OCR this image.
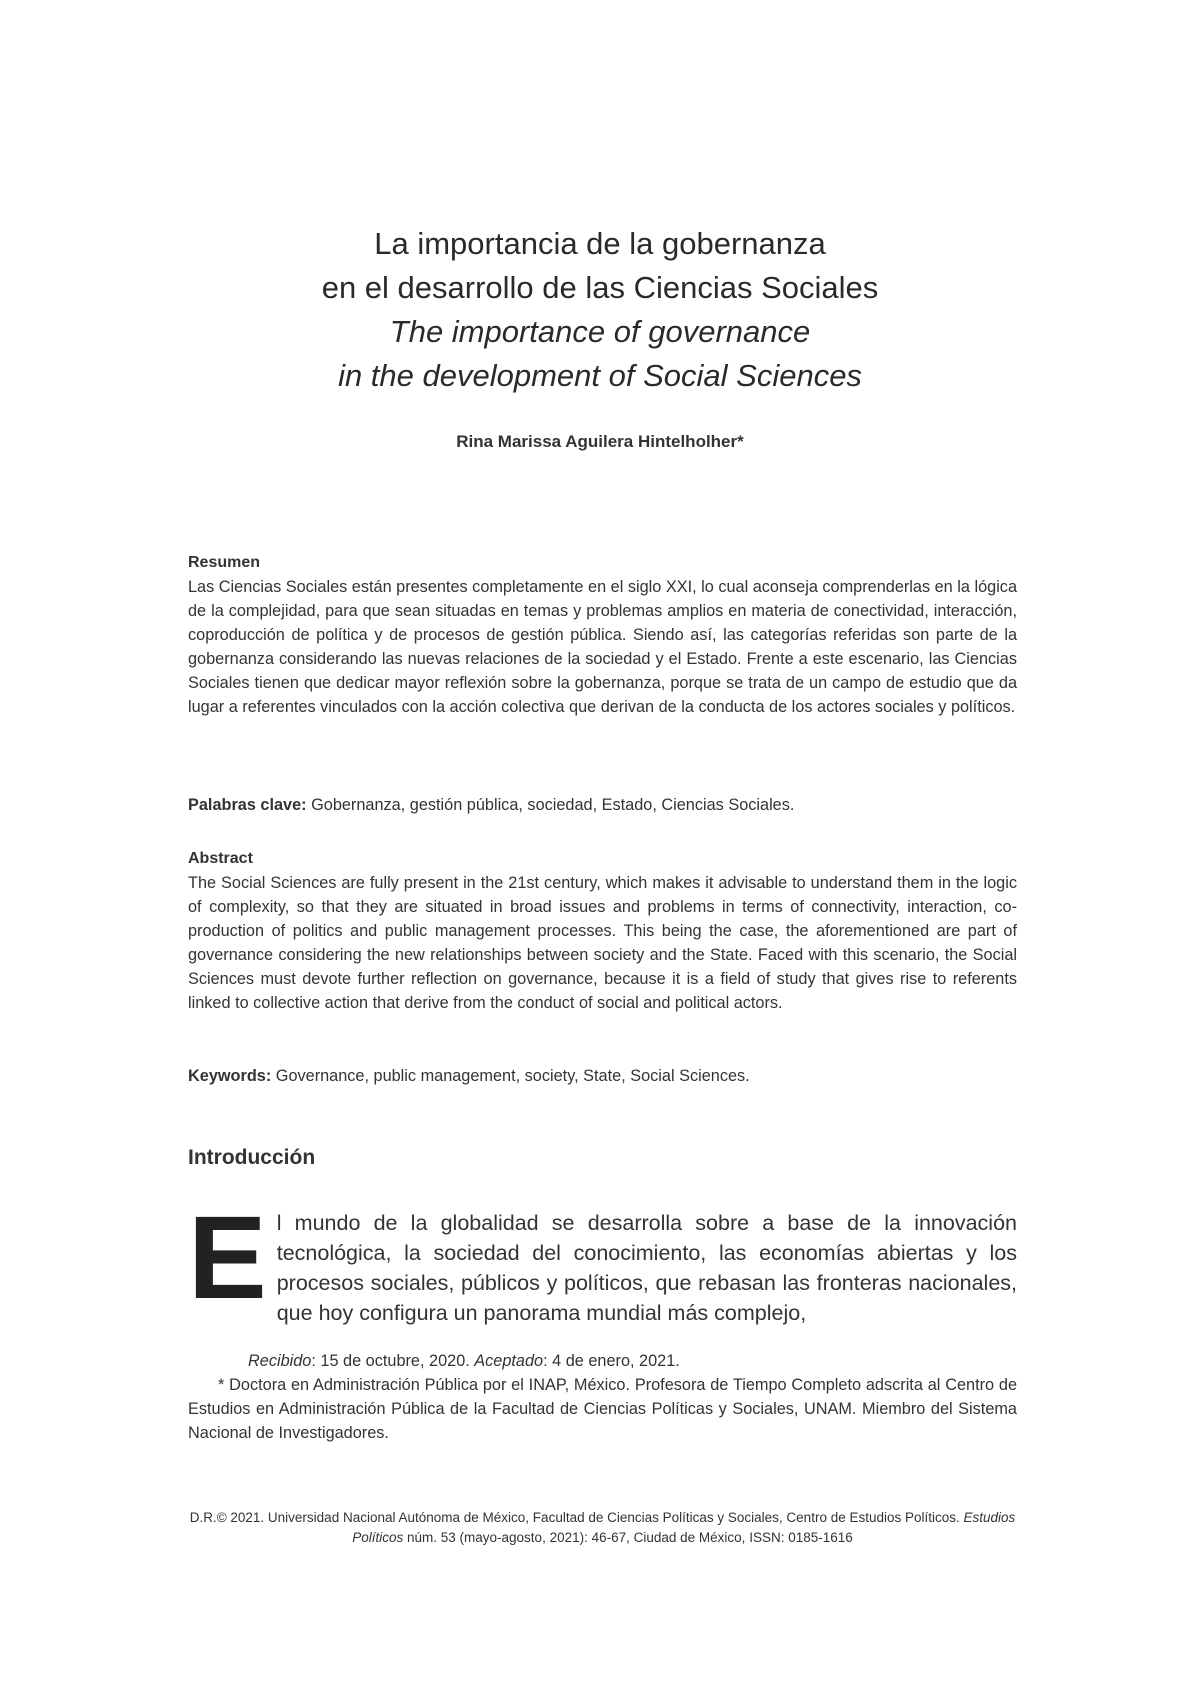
La importancia de la gobernanza

en el desarrollo de las Ciencias Sociales

The importance of governance

in the development of Social Sciences

Rina Marissa Aguilera Hintelholher*

Resumen

Las Ciencias Sociales están presentes completamente en el siglo XXI, lo cual aconseja comprenderlas en la lógica de la complejidad, para que sean situadas en temas y problemas amplios en materia de conectividad, interacción, coproducción de política y de procesos de gestión pública. Siendo así, las categorías referidas son parte de la gobernanza considerando las nuevas relaciones de la sociedad y el Estado. Frente a este escenario, las Ciencias Sociales tienen que dedicar mayor reflexión sobre la gobernanza, porque se trata de un campo de estudio que da lugar a referentes vinculados con la acción colectiva que derivan de la conducta de los actores sociales y políticos.

Palabras clave: Gobernanza, gestión pública, sociedad, Estado, Ciencias Sociales.

Abstract

The Social Sciences are fully present in the 21st century, which makes it advisable to understand them in the logic of complexity, so that they are situated in broad issues and problems in terms of connectivity, interaction, co-production of politics and public management processes. This being the case, the aforementioned are part of governance considering the new relationships between society and the State. Faced with this scenario, the Social Sciences must devote further reflection on governance, because it is a field of study that gives rise to referents linked to collective action that derive from the conduct of social and political actors.

Keywords: Governance, public management, society, State, Social Sciences.

Introducción
El mundo de la globalidad se desarrolla sobre a base de la innovación tecnológica, la sociedad del conocimiento, las economías abiertas y los procesos sociales, públicos y políticos, que rebasan las fronteras nacionales, que hoy configura un panorama mundial más complejo,

Recibido: 15 de octubre, 2020. Aceptado: 4 de enero, 2021.

* Doctora en Administración Pública por el INAP, México. Profesora de Tiempo Completo adscrita al Centro de Estudios en Administración Pública de la Facultad de Ciencias Políticas y Sociales, UNAM. Miembro del Sistema Nacional de Investigadores.

D.R.© 2021. Universidad Nacional Autónoma de México, Facultad de Ciencias Políticas y Sociales, Centro de Estudios Políticos. Estudios Políticos núm. 53 (mayo-agosto, 2021): 46-67, Ciudad de México, ISSN: 0185-1616
